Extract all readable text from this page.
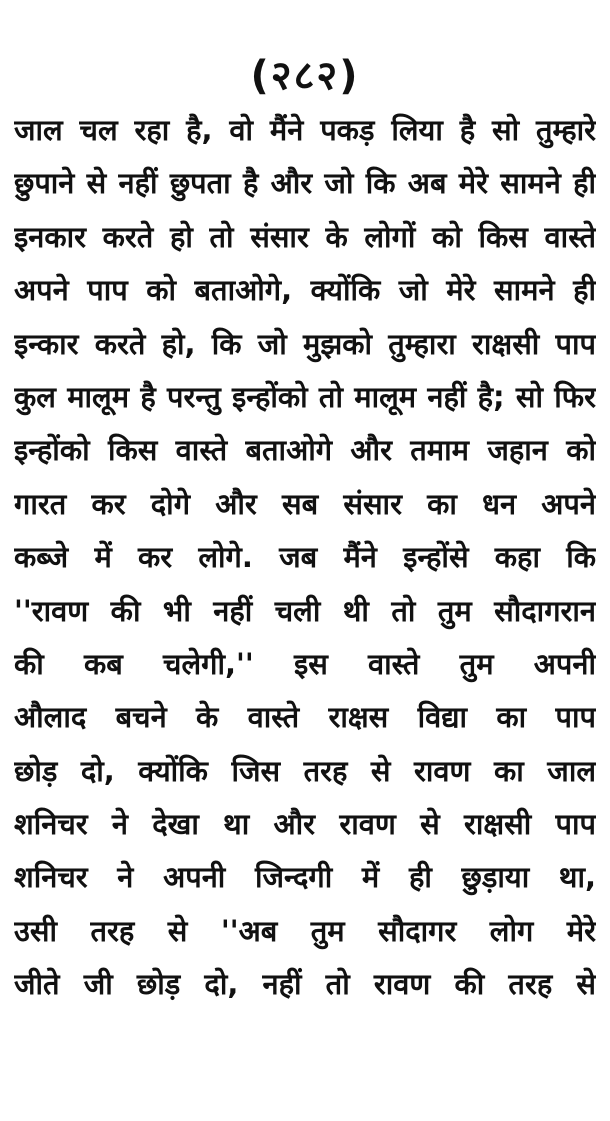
(२८२)
जाल चल रहा है, वो मैंने पकड़ लिया है सो तुम्हारे
छुपाने से नहीं छुपता है और जो कि अब मेरे सामने ही
इनकार करते हो तो संसार के लोगों को किस वास्ते
अपने पाप को बताओगे, क्योंकि जो मेरे सामने ही
इन्कार करते हो, कि जो मुझको तुम्हारा राक्षसी पाप
कुल मालूम है परन्तु इन्होंको तो मालूम नहीं है; सो फिर
इन्होंको किस वास्ते बताओगे और तमाम जहान को
गारत कर दोगे और सब संसार का धन अपने
कब्जे में कर लोगे. जब मैंने इन्होंसे कहा कि
''रावण की भी नहीं चली थी तो तुम सौदागरान
की कब चलेगी,'' इस वास्ते तुम अपनी
औलाद बचने के वास्ते राक्षस विद्या का पाप
छोड़ दो, क्योंकि जिस तरह से रावण का जाल
शनिचर ने देखा था और रावण से राक्षसी पाप
शनिचर ने अपनी जिन्दगी में ही छुड़ाया था,
उसी तरह से ''अब तुम सौदागर लोग मेरे
जीते जी छोड़ दो, नहीं तो रावण की तरह से
